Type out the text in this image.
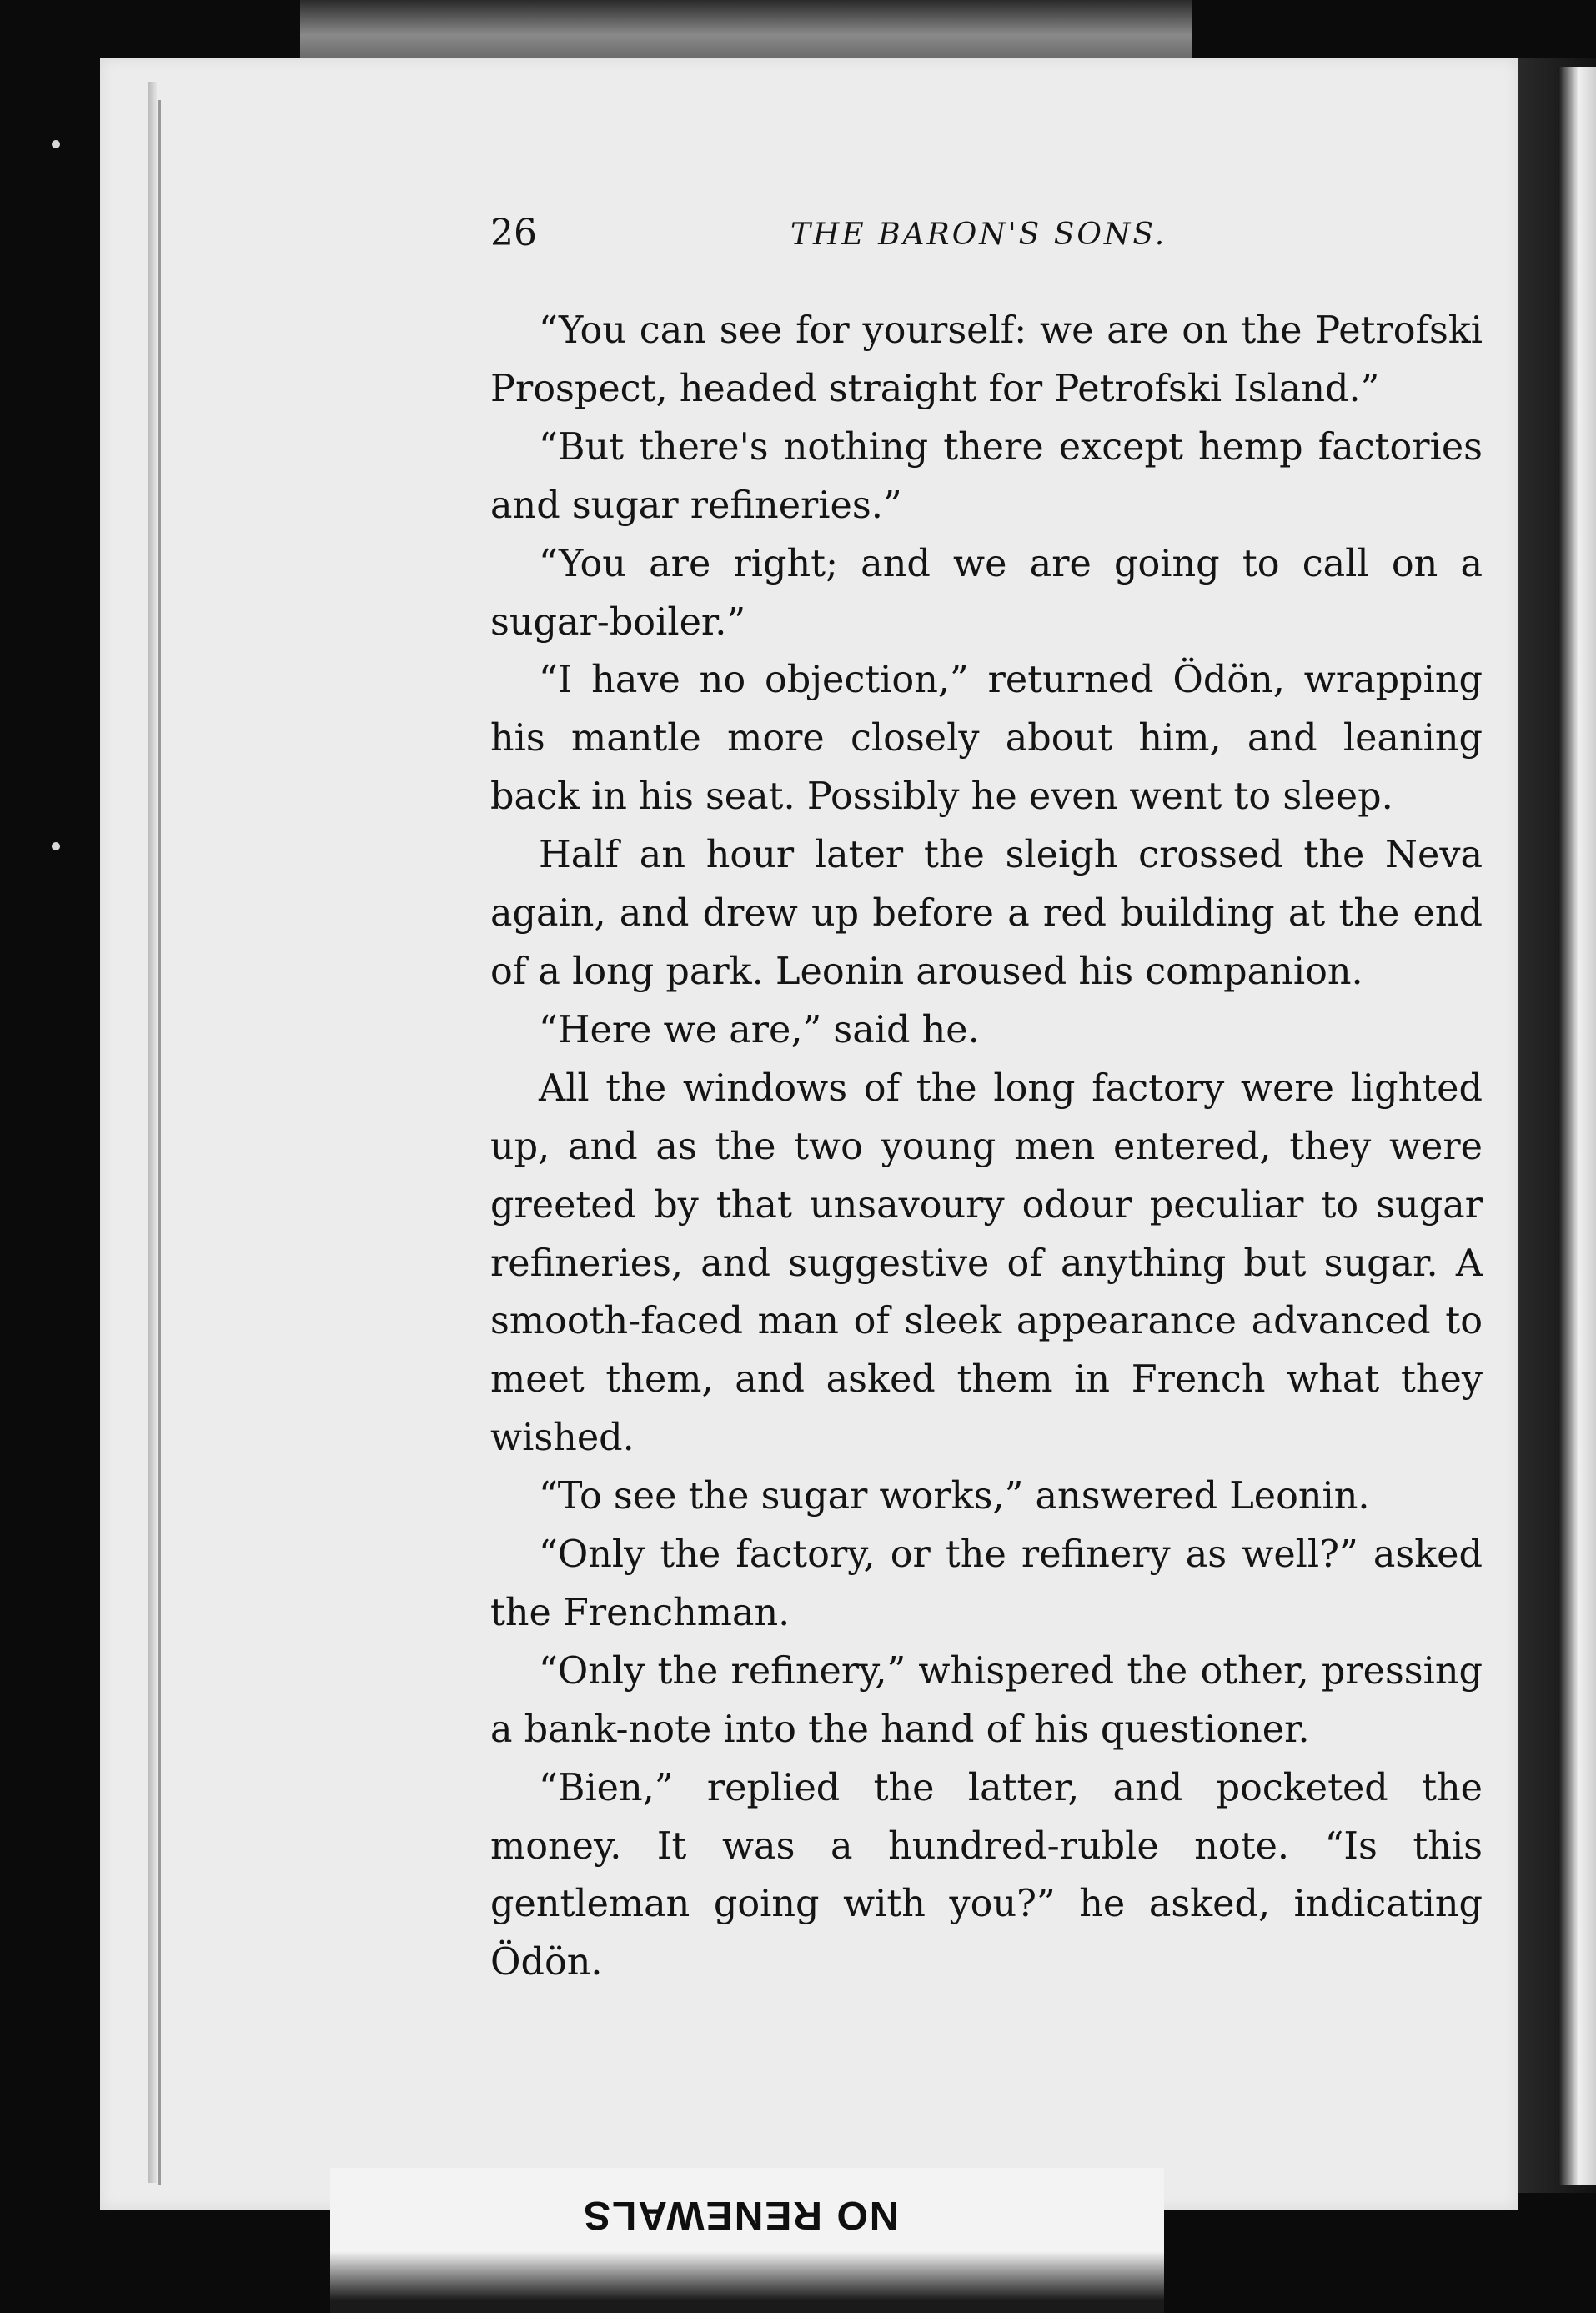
26	THE BARON'S SONS.

“You can see for yourself: we are on the Petrofski Prospect, headed straight for Petrofski Island.”

“But there's nothing there except hemp factories and sugar refineries.”

“You are right; and we are going to call on a sugar-boiler.”

“I have no objection,” returned Ödön, wrapping his mantle more closely about him, and leaning back in his seat. Possibly he even went to sleep.

Half an hour later the sleigh crossed the Neva again, and drew up before a red building at the end of a long park. Leonin aroused his companion.

“Here we are,” said he.

All the windows of the long factory were lighted up, and as the two young men entered, they were greeted by that unsavoury odour peculiar to sugar refineries, and suggestive of anything but sugar. A smooth-faced man of sleek appearance advanced to meet them, and asked them in French what they wished.

“To see the sugar works,” answered Leonin.

“Only the factory, or the refinery as well?” asked the Frenchman.

“Only the refinery,” whispered the other, pressing a bank-note into the hand of his questioner.

“Bien,” replied the latter, and pocketed the money. It was a hundred-ruble note. “Is this gentleman going with you?” he asked, indicating Ödön.

NO RENEWALS
